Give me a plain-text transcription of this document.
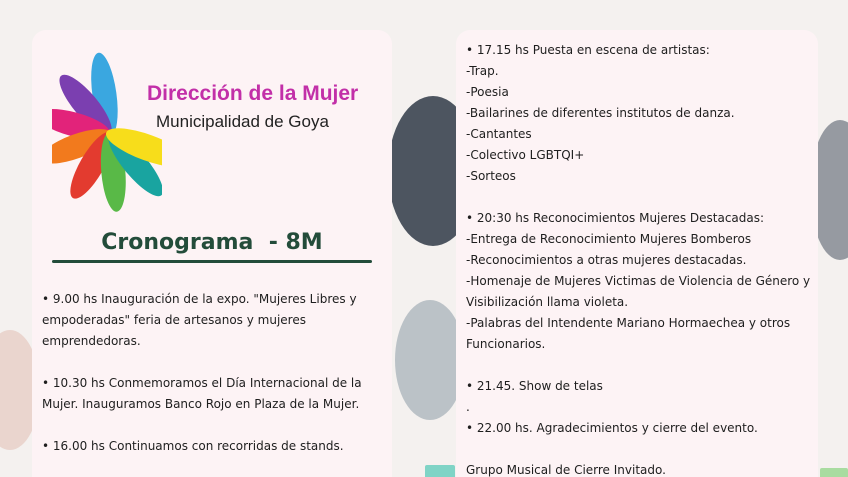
Dirección de la Mujer
Municipalidad de Goya
Cronograma  - 8M

• 9.00 hs Inauguración de la expo. "Mujeres Libres y empoderadas" feria de artesanos y mujeres emprendedoras.

• 10.30 hs Conmemoramos el Día Internacional de la Mujer. Inauguramos Banco Rojo en Plaza de la Mujer.

• 16.00 hs Continuamos con recorridas de stands.

• 17.15 hs Puesta en escena de artistas:
-Trap.
-Poesia
-Bailarines de diferentes institutos de danza.
-Cantantes
-Colectivo LGBTQI+
-Sorteos
• 20:30 hs Reconocimientos Mujeres Destacadas:
-Entrega de Reconocimiento Mujeres Bomberos
-Reconocimientos a otras mujeres destacadas.
-Homenaje de Mujeres Victimas de Violencia de Género y
Visibilización llama violeta.
-Palabras del Intendente Mariano Hormaechea y otros
Funcionarios.
• 21.45. Show de telas
.
• 22.00 hs. Agradecimientos y cierre del evento.
Grupo Musical de Cierre Invitado.
